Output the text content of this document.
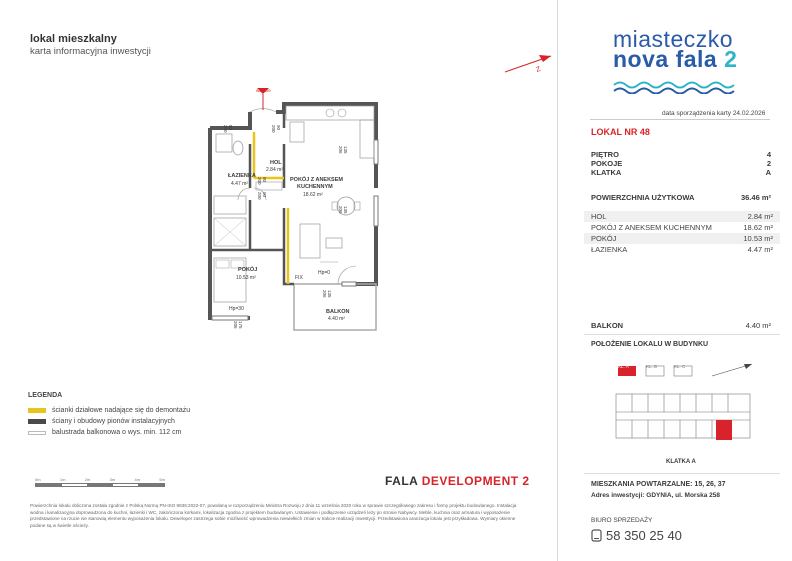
lokal mieszkalny
karta informacyjna inwestycji
Z
wejście
HOL
2.84 m²
ŁAZIENKA
4.47 m²
POKÓJ Z ANEKSEM
KUCHENNYM
18.62 m²
POKÓJ
10.53 m²
BALKON
4.40 m²
FIX
Hp=0
Hp=30
135
206
135
206
90
200
80
200
90
200
80
200
135
206
175
206
LEGENDA
ścianki działowe nadające się do demontażu
ściany i obudowy pionów instalacyjnych
balustrada balkonowa o wys. min. 112 cm
0m	1m	2m	3m	4m	5m	FALA DEVELOPMENT 2
Powierzchnia lokalu obliczona została zgodnie z Polską Normą PN-ISO 9836:2022-07, powołaną w rozporządzeniu Ministra Rozwoju z dnia 11 września 2020 roku w sprawie szczegółowego zakresu i formy projektu budowlanego. Instalacja wodna i kanalizacyjna doprowadzona do kuchni, łazienki i WC, zakończona korkami, lokalizacja zgodna z projektem budowlanym. Ustawienie i podłączenie urządzeń leży po stronie Nabywcy. Meble, kuchnia oraz armatura i wyposażenie przedstawione na rzucie nie stanowią elementu wyposażenia lokalu. Deweloper zastrzega sobie możliwość wprowadzenia niewielkich zmian w trakcie realizacji inwestycji. Przedstawiona aranżacja lokalu jest przykładowa. Wymiary okienne podane są w świetle ościeży.
miasteczko
nova fala 2
data sporządzenia karty 24.02.2026
LOKAL NR 48
PIĘTRO	4
POKOJE	2
KLATKA	A
POWIERZCHNIA UŻYTKOWA	36.46 m²
HOL	2.84 m²
POKÓJ Z ANEKSEM KUCHENNYM	18.62 m²
POKÓJ	10.53 m²
ŁAZIENKA	4.47 m²
BALKON	4.40 m²
POŁOŻENIE LOKALU W BUDYNKU
KL. A	KL. B	KL. C
KLATKA A
MIESZKANIA POWTARZALNE: 15, 26, 37
Adres inwestycji: GDYNIA, ul. Morska 258
BIURO SPRZEDAŻY
58 350 25 40
